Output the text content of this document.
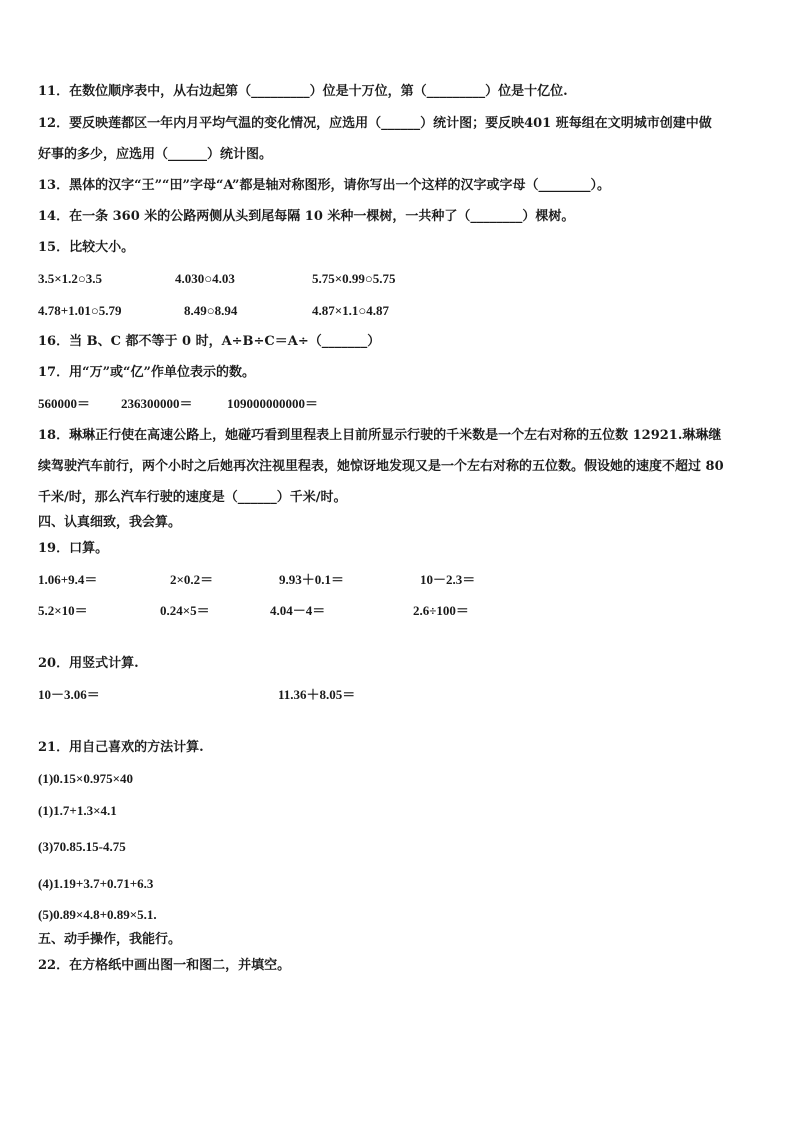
11．在数位顺序表中，从右边起第（_________）位是十万位，第（_________）位是十亿位.
12．要反映莲都区一年内月平均气温的变化情况，应选用（______）统计图；要反映401 班每组在文明城市创建中做
好事的多少，应选用（______）统计图。
13．黑体的汉字“王”“田”字母“A”都是轴对称图形，请你写出一个这样的汉字或字母（________）。
14．在一条 360 米的公路两侧从头到尾每隔 10 米种一棵树，一共种了（________）棵树。
15．比较大小。
3.5×1.2○3.5	4.030○4.03	5.75×0.99○5.75
4.78+1.01○5.79	8.49○8.94	4.87×1.1○4.87
16．当 B、C 都不等于 0 时，A÷B÷C＝A÷（_______）
17．用“万”或“亿”作单位表示的数。
560000＝ 236300000＝	109000000000＝
18．琳琳正行使在高速公路上，她碰巧看到里程表上目前所显示行驶的千米数是一个左右对称的五位数 12921.琳琳继
续驾驶汽车前行，两个小时之后她再次注视里程表，她惊讶地发现又是一个左右对称的五位数。假设她的速度不超过 80
千米/时，那么汽车行驶的速度是（______）千米/时。
四、认真细致，我会算。
19．口算。
1.06+9.4＝	2×0.2＝	9.93＋0.1＝	10－2.3＝
5.2×10＝	0.24×5＝	4.04－4＝	2.6÷100＝
20．用竖式计算.
10－3.06＝	11.36＋8.05＝
21．用自己喜欢的方法计算.
(1)0.15×0.975×40
(1)1.7+1.3×4.1
(3)70.85.15-4.75
(4)1.19+3.7+0.71+6.3
(5)0.89×4.8+0.89×5.1.
五、动手操作，我能行。
22．在方格纸中画出图一和图二，并填空。
